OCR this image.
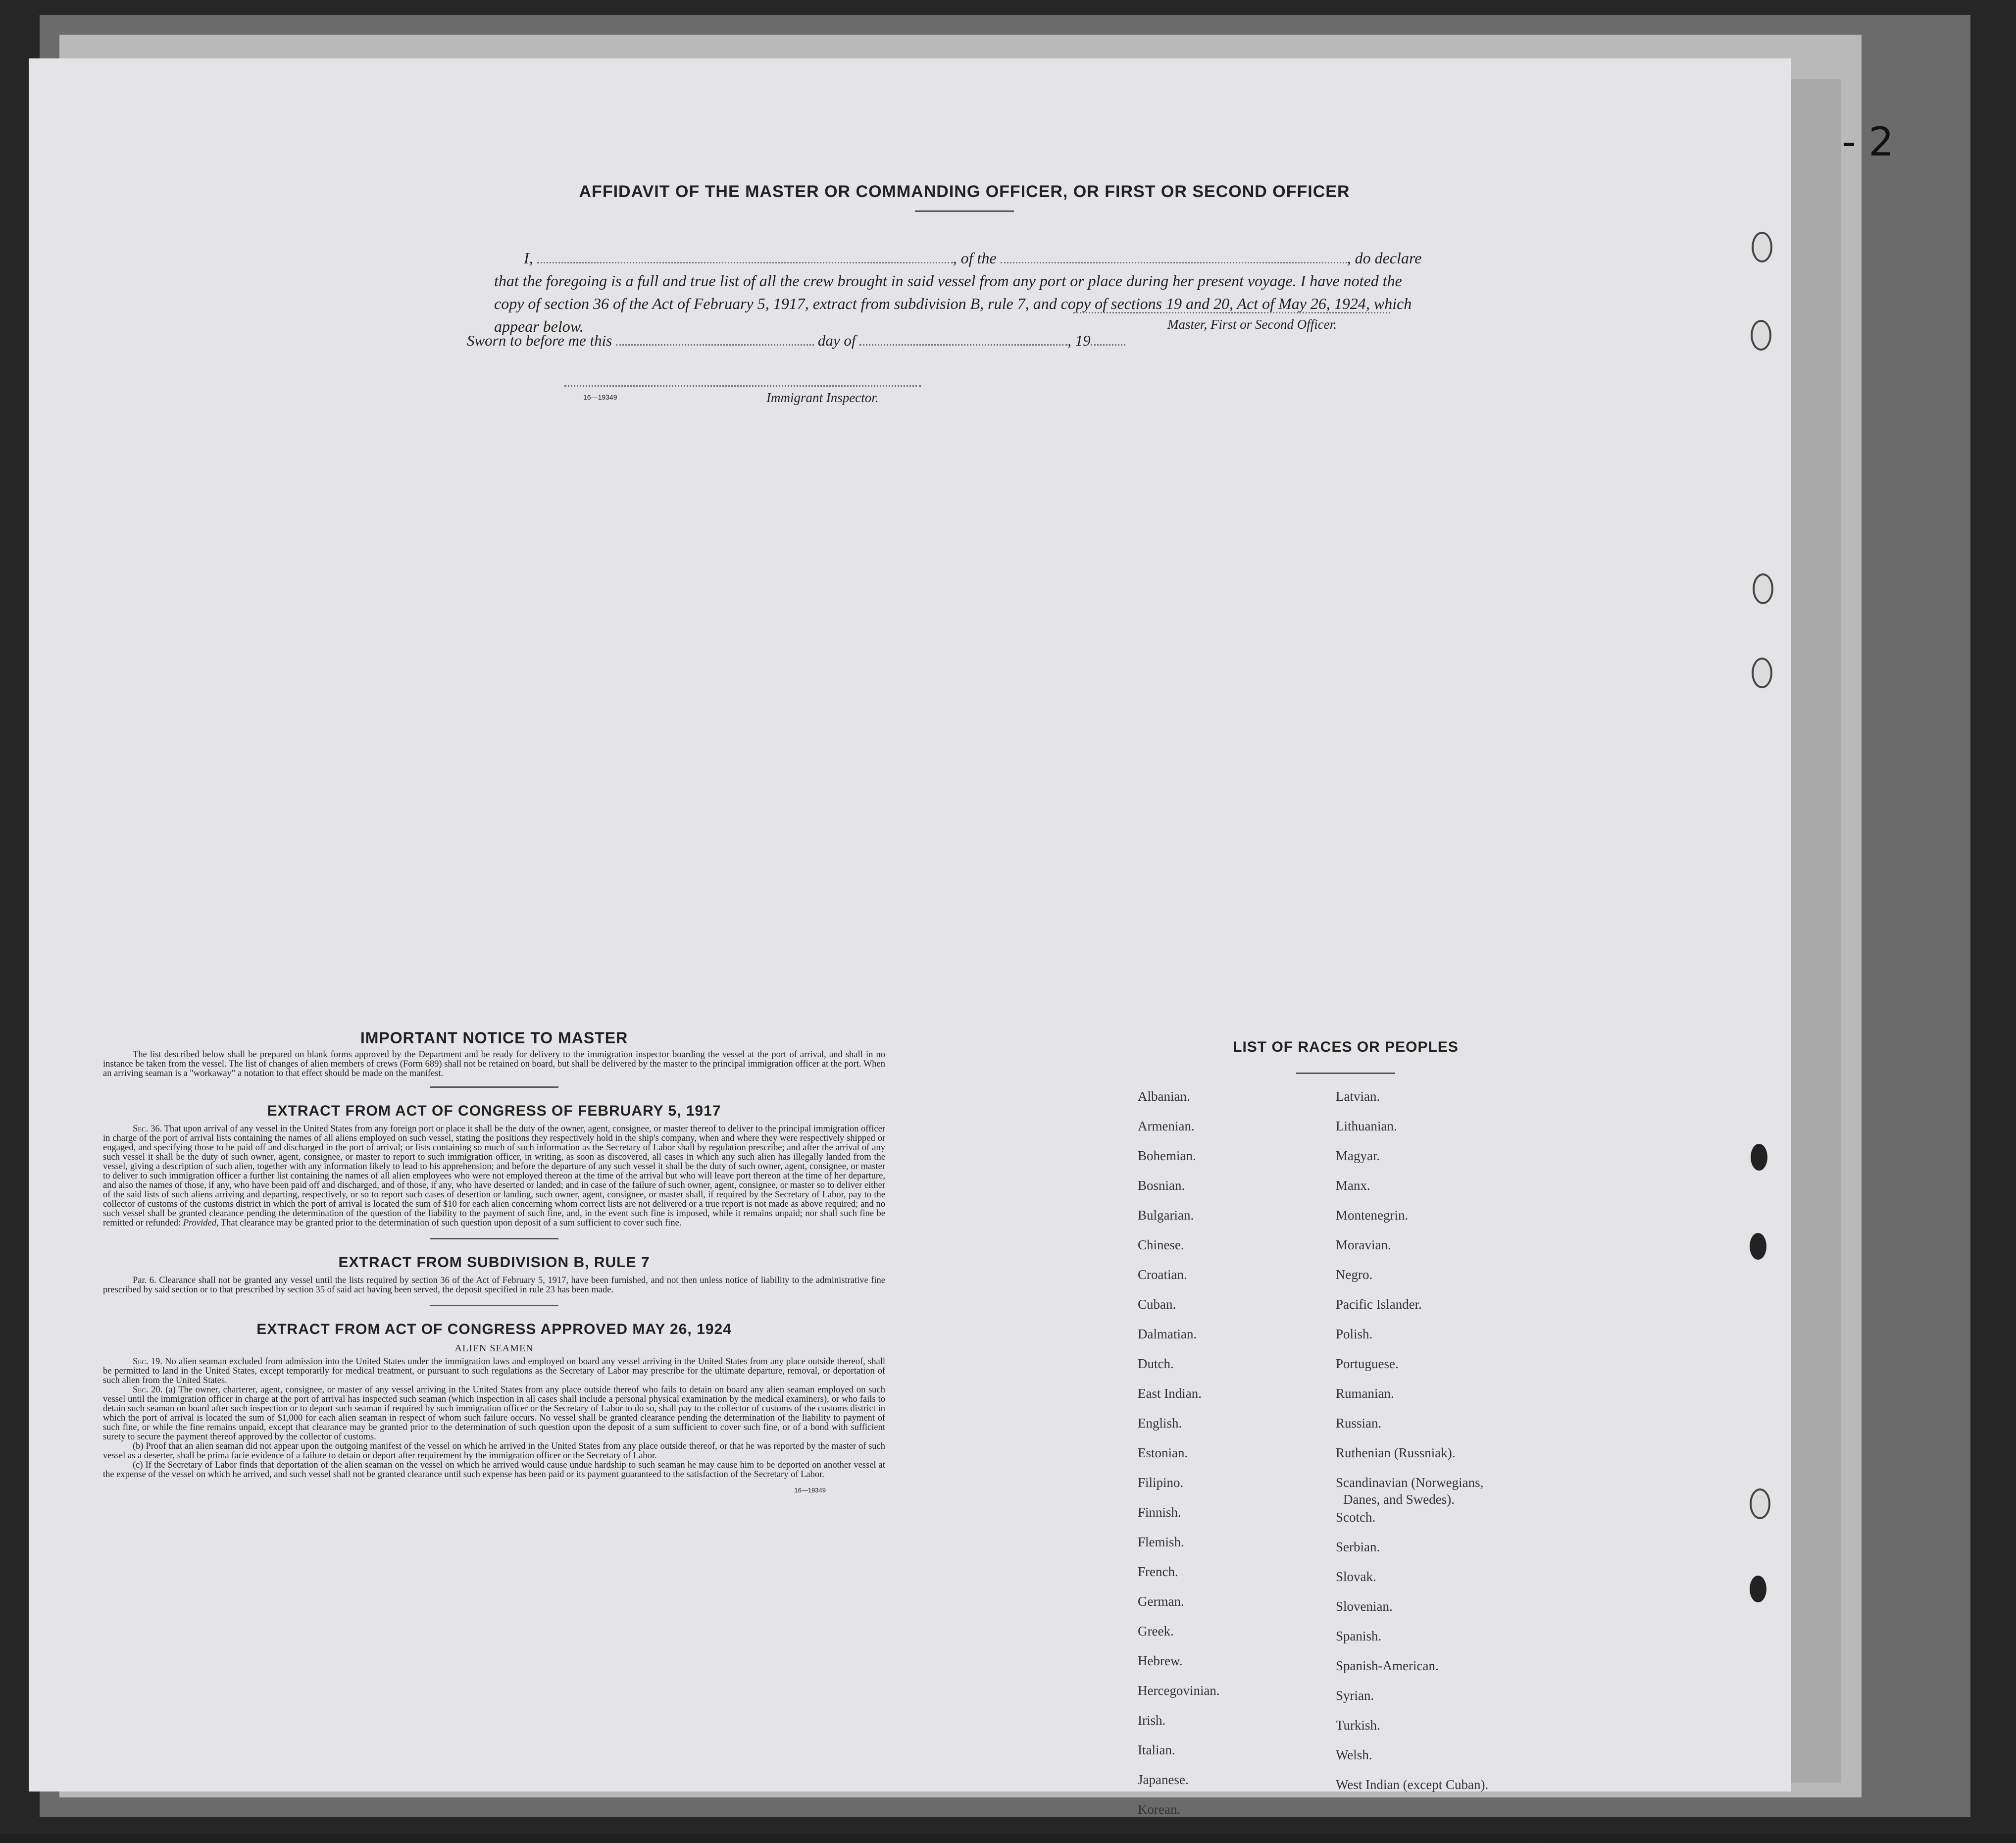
- 2
AFFIDAVIT OF THE MASTER OR COMMANDING OFFICER, OR FIRST OR SECOND OFFICER
I,	, of the	, do declare
that the foregoing is a full and true list of all the crew brought in said vessel from any port or place during her present voyage. I have noted the copy of section 36 of the Act of February 5, 1917, extract from subdivision B, rule 7, and copy of sections 19 and 20, Act of May 26, 1924, which appear below.	Master, First or Second Officer.
Sworn to before me this	day of	, 19
16—19349	Immigrant Inspector.
IMPORTANT NOTICE TO MASTER

The list described below shall be prepared on blank forms approved by the Department and be ready for delivery to the immigration inspector boarding the vessel at the port of arrival, and shall in no instance be taken from the vessel. The list of changes of alien members of crews (Form 689) shall not be retained on board, but shall be delivered by the master to the principal immigration officer at the port. When an arriving seaman is a "workaway" a notation to that effect should be made on the manifest.

EXTRACT FROM ACT OF CONGRESS OF FEBRUARY 5, 1917

Sec. 36. That upon arrival of any vessel in the United States from any foreign port or place it shall be the duty of the owner, agent, consignee, or master thereof to deliver to the principal immigration officer in charge of the port of arrival lists containing the names of all aliens employed on such vessel, stating the positions they respectively hold in the ship's company, when and where they were respectively shipped or engaged, and specifying those to be paid off and discharged in the port of arrival; or lists containing so much of such information as the Secretary of Labor shall by regulation prescribe; and after the arrival of any such vessel it shall be the duty of such owner, agent, consignee, or master to report to such immigration officer, in writing, as soon as discovered, all cases in which any such alien has illegally landed from the vessel, giving a description of such alien, together with any information likely to lead to his apprehension; and before the departure of any such vessel it shall be the duty of such owner, agent, consignee, or master to deliver to such immigration officer a further list containing the names of all alien employees who were not employed thereon at the time of the arrival but who will leave port thereon at the time of her departure, and also the names of those, if any, who have been paid off and discharged, and of those, if any, who have deserted or landed; and in case of the failure of such owner, agent, consignee, or master so to deliver either of the said lists of such aliens arriving and departing, respectively, or so to report such cases of desertion or landing, such owner, agent, consignee, or master shall, if required by the Secretary of Labor, pay to the collector of customs of the customs district in which the port of arrival is located the sum of $10 for each alien concerning whom correct lists are not delivered or a true report is not made as above required; and no such vessel shall be granted clearance pending the determination of the question of the liability to the payment of such fine, and, in the event such fine is imposed, while it remains unpaid; nor shall such fine be remitted or refunded: Provided, That clearance may be granted prior to the determination of such question upon deposit of a sum sufficient to cover such fine.

EXTRACT FROM SUBDIVISION B, RULE 7

Par. 6. Clearance shall not be granted any vessel until the lists required by section 36 of the Act of February 5, 1917, have been furnished, and not then unless notice of liability to the administrative fine prescribed by said section or to that prescribed by section 35 of said act having been served, the deposit specified in rule 23 has been made.

EXTRACT FROM ACT OF CONGRESS APPROVED MAY 26, 1924
ALIEN SEAMEN

Sec. 19. No alien seaman excluded from admission into the United States under the immigration laws and employed on board any vessel arriving in the United States from any place outside thereof, shall be permitted to land in the United States, except temporarily for medical treatment, or pursuant to such regulations as the Secretary of Labor may prescribe for the ultimate departure, removal, or deportation of such alien from the United States.

Sec. 20. (a) The owner, charterer, agent, consignee, or master of any vessel arriving in the United States from any place outside thereof who fails to detain on board any alien seaman employed on such vessel until the immigration officer in charge at the port of arrival has inspected such seaman (which inspection in all cases shall include a personal physical examination by the medical examiners), or who fails to detain such seaman on board after such inspection or to deport such seaman if required by such immigration officer or the Secretary of Labor to do so, shall pay to the collector of customs of the customs district in which the port of arrival is located the sum of $1,000 for each alien seaman in respect of whom such failure occurs. No vessel shall be granted clearance pending the determination of the liability to payment of such fine, or while the fine remains unpaid, except that clearance may be granted prior to the determination of such question upon the deposit of a sum sufficient to cover such fine, or of a bond with sufficient surety to secure the payment thereof approved by the collector of customs.

(b) Proof that an alien seaman did not appear upon the outgoing manifest of the vessel on which he arrived in the United States from any place outside thereof, or that he was reported by the master of such vessel as a deserter, shall be prima facie evidence of a failure to detain or deport after requirement by the immigration officer or the Secretary of Labor.

(c) If the Secretary of Labor finds that deportation of the alien seaman on the vessel on which he arrived would cause undue hardship to such seaman he may cause him to be deported on another vessel at the expense of the vessel on which he arrived, and such vessel shall not be granted clearance until such expense has been paid or its payment guaranteed to the satisfaction of the Secretary of Labor.

16—19349
LIST OF RACES OR PEOPLES
Albanian.
Armenian.
Bohemian.
Bosnian.
Bulgarian.
Chinese.
Croatian.
Cuban.
Dalmatian.
Dutch.
East Indian.
English.
Estonian.
Filipino.
Finnish.
Flemish.
French.
German.
Greek.
Hebrew.
Hercegovinian.
Irish.
Italian.
Japanese.
Korean.
Latvian.
Lithuanian.
Magyar.
Manx.
Montenegrin.
Moravian.
Negro.
Pacific Islander.
Polish.
Portuguese.
Rumanian.
Russian.
Ruthenian (Russniak).
Scandinavian (Norwegians,
Danes, and Swedes).
Scotch.
Serbian.
Slovak.
Slovenian.
Spanish.
Spanish-American.
Syrian.
Turkish.
Welsh.
West Indian (except Cuban).
16—19349
